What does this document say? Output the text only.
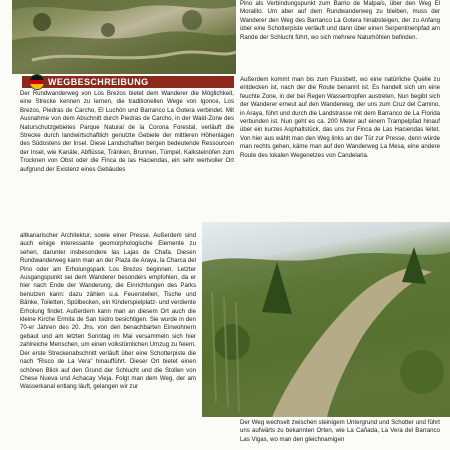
WEGBESCHREIBUNG

Der Rundwanderweg von Los Brezos bietet dem Wanderer die Möglichkeit, eine Strecke kennen zu lernen, die traditionellen Wege von Igonce, Los Brezos, Piedras de Carcho, El Luchón und Barranco La Gotera verbindet. Mit Ausnahme von dem Abschnitt durch Piedras de Carcho, in der Wald-Zone des Naturschutzgebietes Parque Natural de la Corona Forestal, verläuft die Strecke durch landwirtschaftlich genutzte Gebiete der mittleren Höhenlagen des Südostens der Insel. Diese Landschaften bergen bedeutende Ressourcen der Insel, wie Kanäle, Abflüsse, Tränken, Brunnen, Tümpel, Kalksteinöfen zum Trocknen von Obst oder die Finca de las Haciendas, ein sehr wertvoller Ort aufgrund der Existenz eines Gebäudes

Pino als Verbindungspunkt zum Barrio de Malpaís, über den Weg El Moralito. Um aber auf dem Rundwanderweg zu bleiben, muss der Wanderer den Weg des Barranco La Gotera hinabsteigen, der zu Anfang über eine Schotterpiste verläuft und dann über einen Serpentinenpfad am Rande der Schlucht führt, wo sich mehrere Naturhöhlen befinden.

Außerdem kommt man bis zum Flussbett, wo eine natürliche Quelle zu entdecken ist, nach der die Route benannt ist. Es handelt sich um eine feuchte Zone, in der bei Regen Wassertropfen austreten. Nun begibt sich der Wanderer erneut auf den Wanderweg, der uns zum Cruz del Camino, in Araya, führt und durch die Landstrasse mit dem Barranco de La Florida verbunden ist. Nun geht es ca. 200 Meter auf einem Trampelpfad hinauf über ein kurzes Asphaltstück, das uns zur Finca de Las Haciendas leitet. Von hier aus wählt man den Weg links an der Tür zur Presse, denn würde man rechts gehen, käme man auf den Wanderweg La Mesa, eine andere Route des lokalen Wegenetzes von Candelaria.

altkanarischer Architektur, sowie einer Presse. Außerdem sind auch einige interessante geomorphologische Elemente zu sehen, darunter insbesondere las Lajas de Chafa. Diesen Rundwanderweg kann man an der Plaza de Araya, la Charca del Pino oder am Erholungspark Los Brezos beginnen. Letzter Ausgangspunkt sei dem Wanderer besonders empfohlen, da er hier nach Ende der Wanderung, die Einrichtungen des Parks benutzen kann: dazu zählen u.a. Feuerstellen, Tische und Bänke, Toiletten, Spülbecken, ein Kinderspielplatz- und verdiente Erholung findet. Außerdem kann man an diesem Ort auch die kleine Kirche Ermita de San Isidro besichtigen. Sie wurde in den 70-er Jahren des 20. Jhs. von den benachbarten Einwohnern gebaut und am letzten Sonntag im Mai versammeln sich hier zahlreiche Menschen, um einen volkstümlichen Umzug zu feiern. Der erste Streckenabschnitt verläuft über eine Schotterpiste die nach "Risco de La Vera" hinaufführt. Dieser Ort bietet einen schönen Blick auf den Grund der Schlucht und die Stollen von Chese Nueva und Achacay Vieja. Folgt man dem Weg, der am Wasserkanal entlang läuft, gelangen wir zur

Der Weg wechselt zwischen steinigem Untergrund und Schotter und führt uns aufwärts zu bekannten Orten, wie La Cañada, La Vera del Barranco Las Vigas, wo man den gleichnamigen
